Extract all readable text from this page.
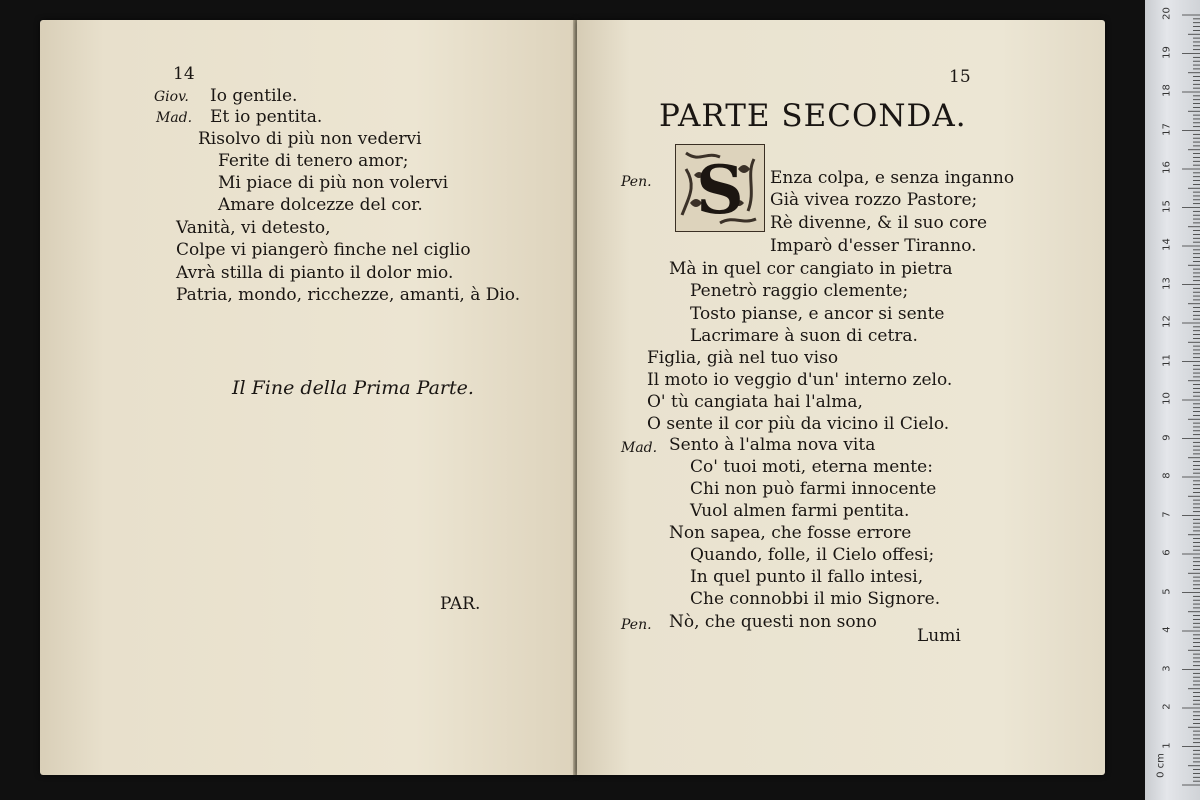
14
Giov. Io gentile.
Mad. Et io pentita.
Risolvo di più non vedervi
Ferite di tenero amor;
Mi piace di più non volervi
Amare dolcezze del cor.
Vanità, vi detesto,
Colpe vi piangerò finche nel ciglio
Avrà stilla di pianto il dolor mio.
Patria, mondo, ricchezze, amanti, à Dio.
Il Fine della Prima Parte.
PAR.
15
PARTE SECONDA.
S
Pen.	Enza colpa, e senza inganno
Già vivea rozzo Pastore;
Rè divenne, & il suo core
Imparò d'esser Tiranno.
Mà in quel cor cangiato in pietra
Penetrò raggio clemente;
Tosto pianse, e ancor si sente
Lacrimare à suon di cetra.
Figlia, già nel tuo viso
Il moto io veggio d'un' interno zelo.
O' tù cangiata hai l'alma,
O sente il cor più da vicino il Cielo.
Mad. Sento à l'alma nova vita
Co' tuoi moti, eterna mente:
Chi non può farmi innocente
Vuol almen farmi pentita.
Non sapea, che fosse errore
Quando, folle, il Cielo offesi;
In quel punto il fallo intesi,
Che connobbi il mio Signore.
Pen. Nò, che questi non sono
Lumi
1
2
3
4
5
6
7
8
9
10
11
12
13
14
15
16
17
18
19
20
0 cm
